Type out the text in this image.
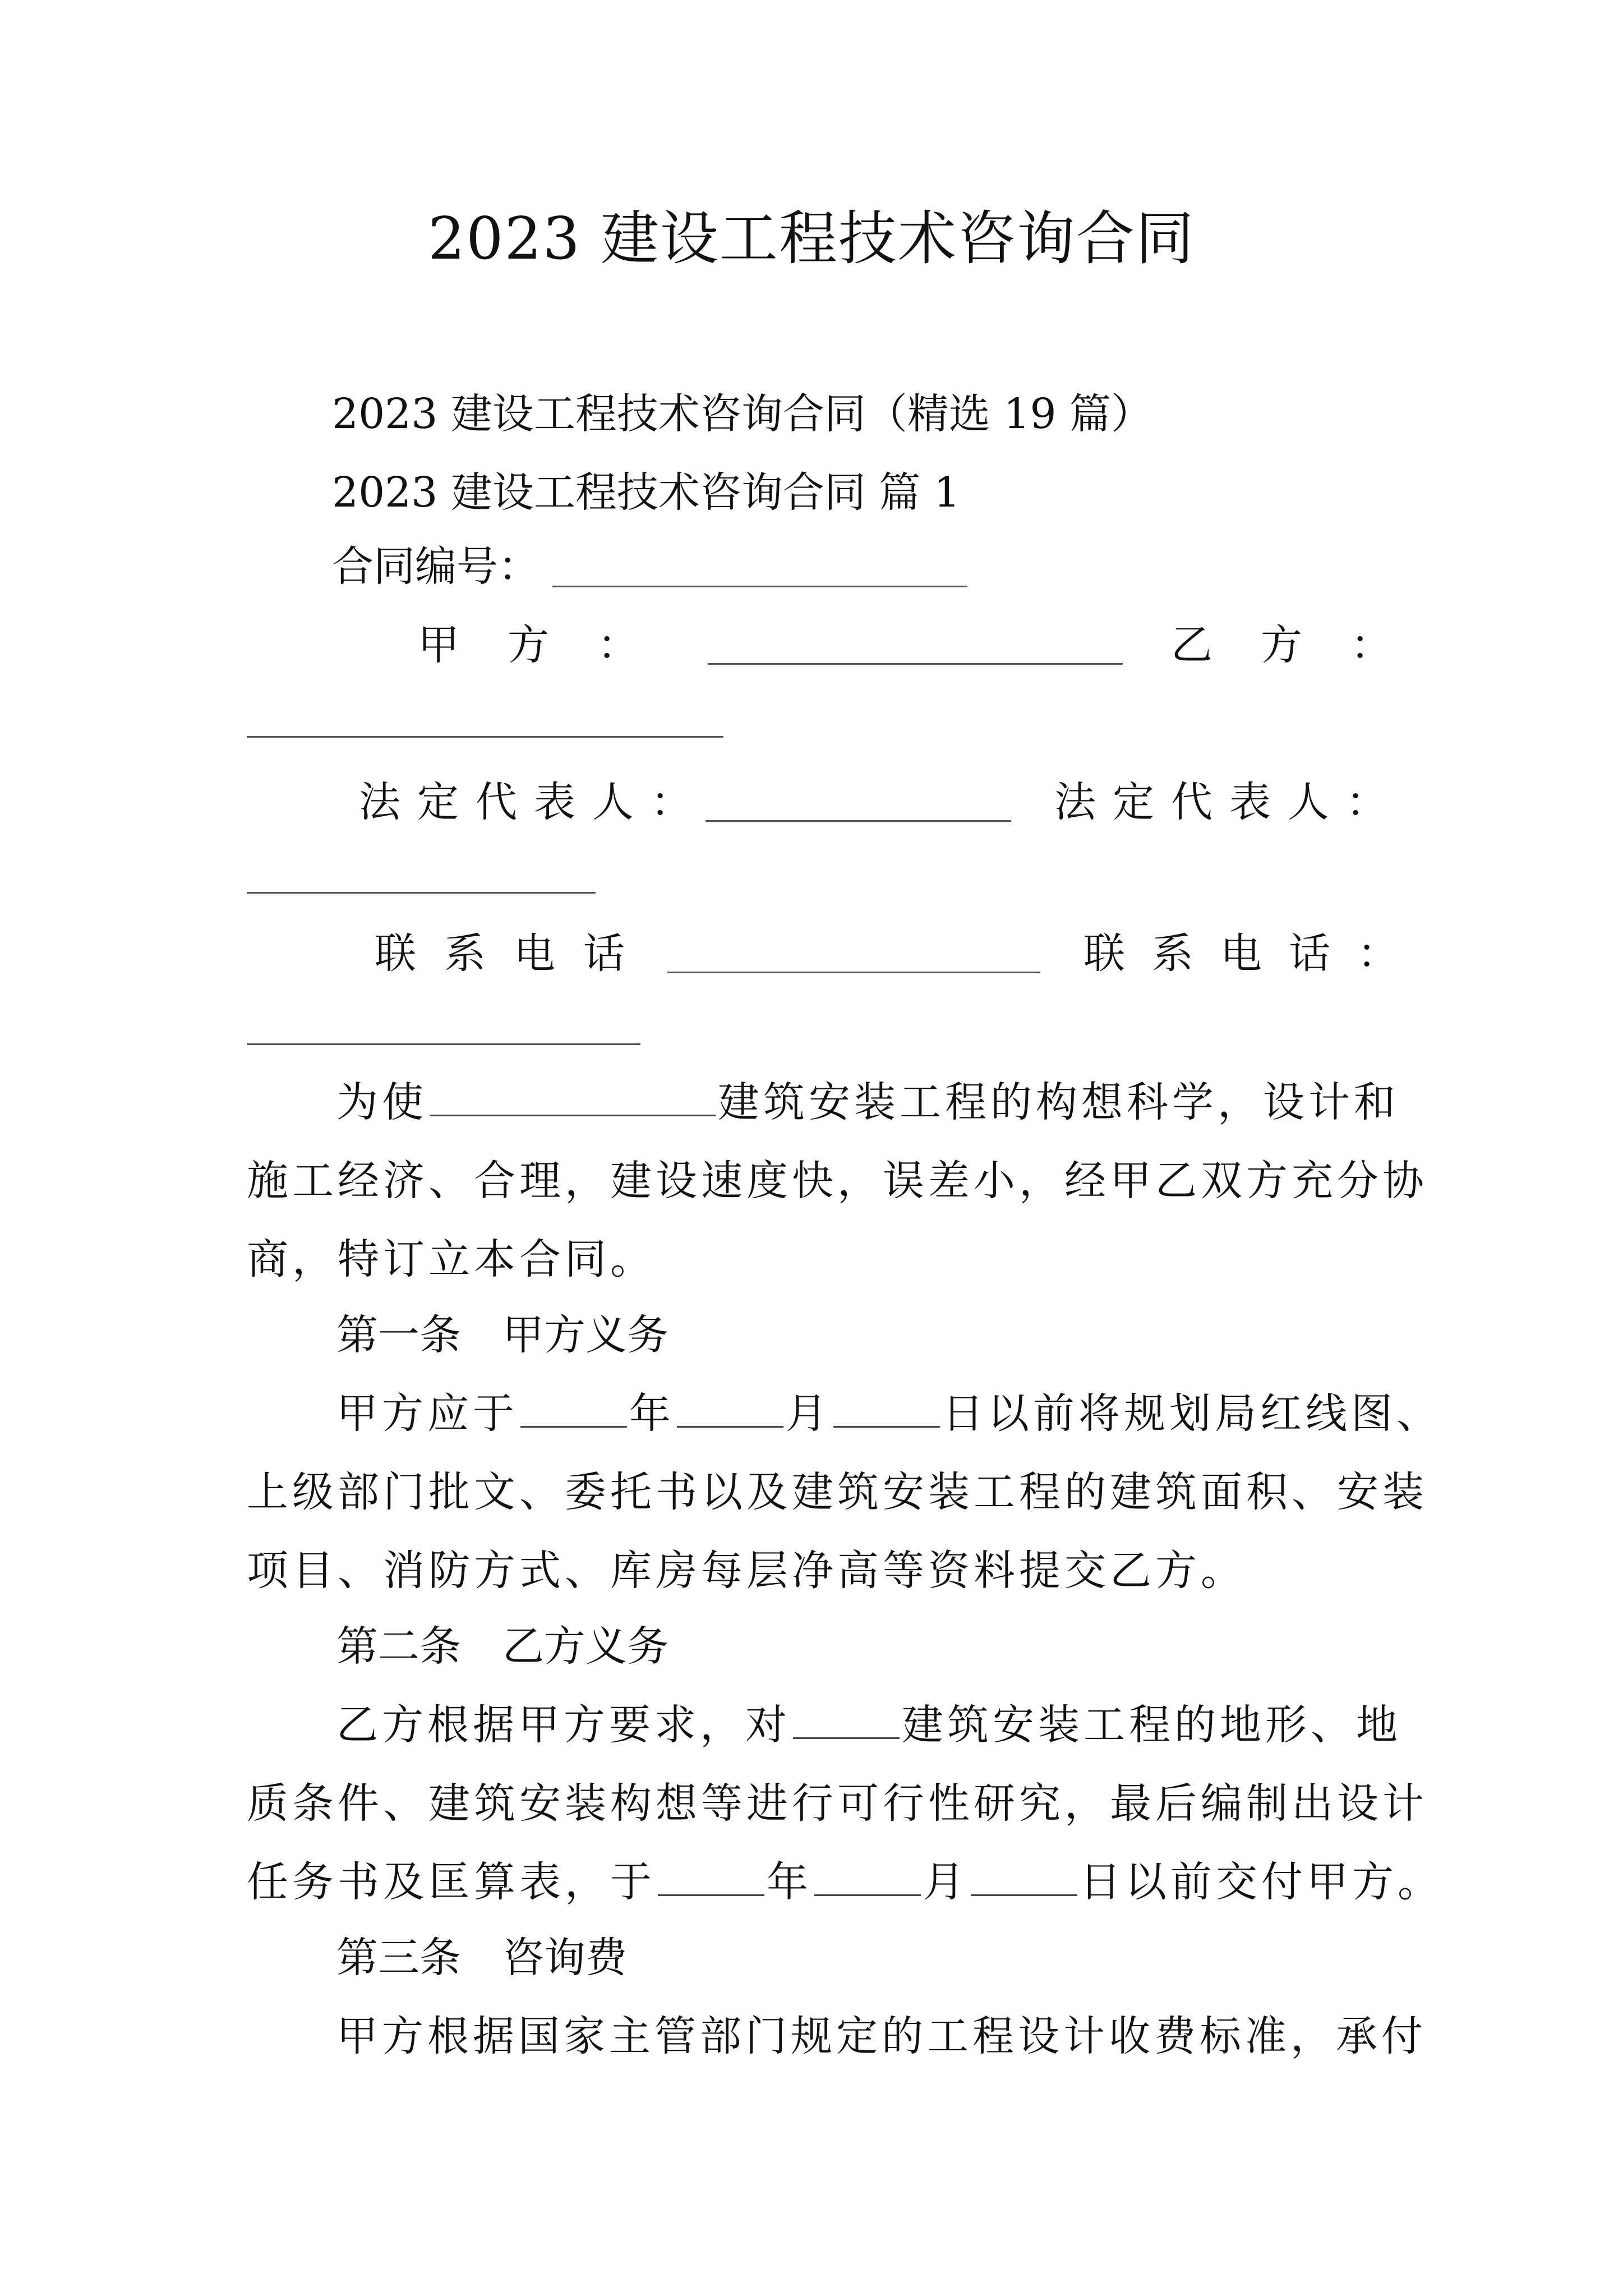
2023 建设工程技术咨询合同
2023 建设工程技术咨询合同（精选 19 篇）
2023 建设工程技术咨询合同 篇 1
合同编号：
甲　方　：	乙　方　：
法定代表人：	法定代表人：
联系电话	联系电话：
为使	建筑安装工程的构想科学，设计和
施工经济、合理，建设速度快，误差小，经甲乙双方充分协
商，特订立本合同。
第一条　甲方义务
甲方应于	年	月	日以前将规划局红线图、
上级部门批文、委托书以及建筑安装工程的建筑面积、安装
项目、消防方式、库房每层净高等资料提交乙方。
第二条　乙方义务
乙方根据甲方要求，对	建筑安装工程的地形、地
质条件、建筑安装构想等进行可行性研究，最后编制出设计
任务书及匡算表，于	年	月	日以前交付甲方。
第三条　咨询费
甲方根据国家主管部门规定的工程设计收费标准，承付
